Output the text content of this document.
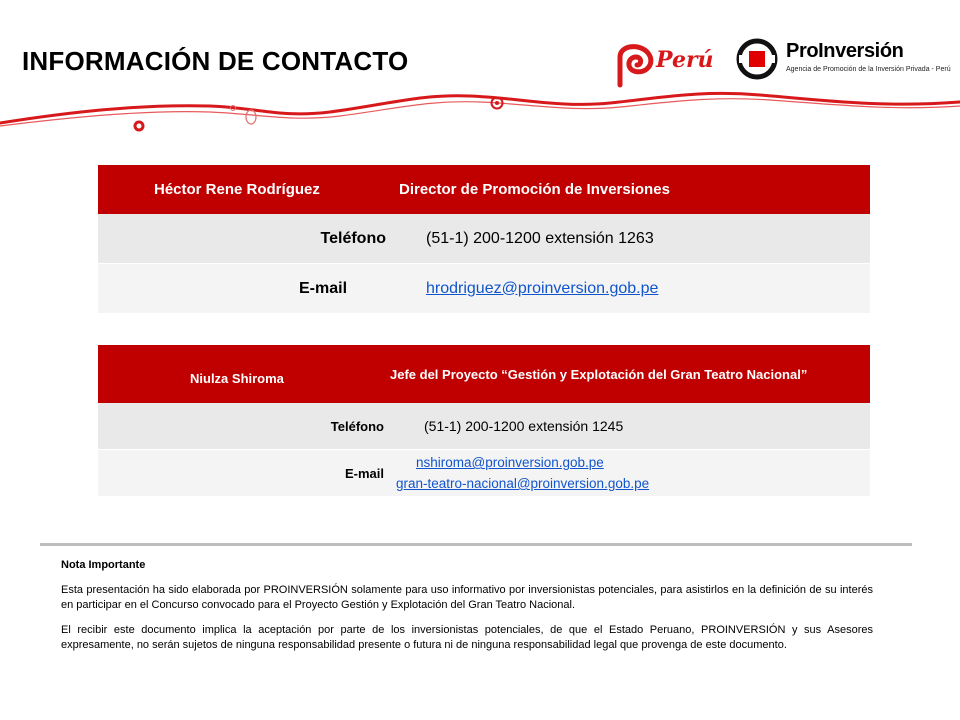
INFORMACIÓN DE CONTACTO	Perú	ProInversión
Agencia de Promoción de la Inversión Privada - Perú
Héctor Rene Rodríguez	Director de Promoción de Inversiones
Teléfono	(51-1) 200-1200 extensión 1263
E-mail	hrodriguez@proinversion.gob.pe
Niulza Shiroma	Jefe del Proyecto “Gestión y Explotación del Gran Teatro Nacional”
Teléfono	(51-1) 200-1200 extensión 1245
E-mail	nshiroma@proinversion.gob.pe
gran-teatro-nacional@proinversion.gob.pe
Nota Importante

Esta presentación ha sido elaborada por PROINVERSIÓN solamente para uso informativo por inversionistas potenciales, para asistirlos en la definición de su interés en participar en el Concurso convocado para el Proyecto Gestión y Explotación del Gran Teatro Nacional.

El recibir este documento implica la aceptación por parte de los inversionistas potenciales, de que el Estado Peruano, PROINVERSIÓN y sus Asesores expresamente, no serán sujetos de ninguna responsabilidad presente o futura ni de ninguna responsabilidad legal que provenga de este documento.
